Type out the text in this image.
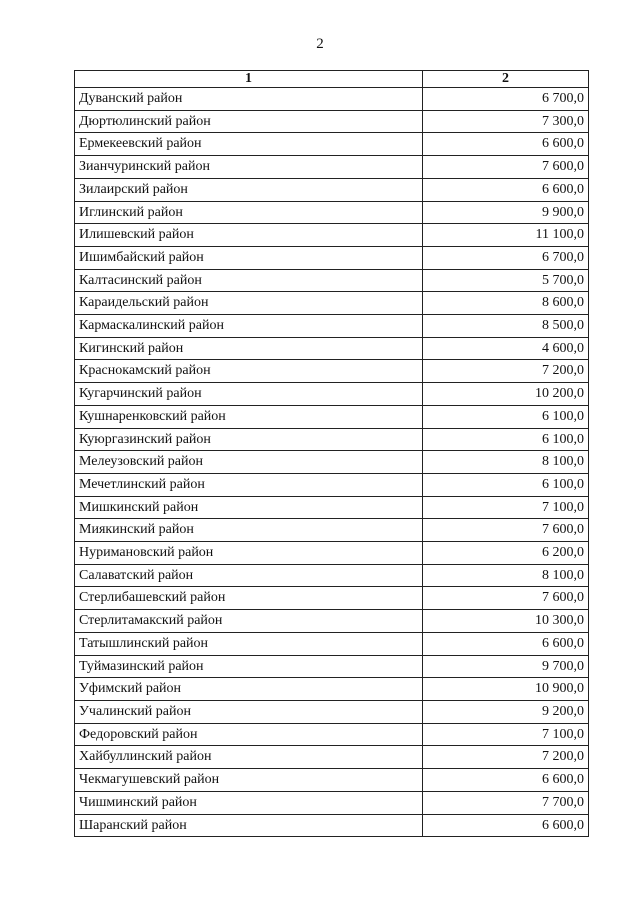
2
1	2
Дуванский район	6 700,0
Дюртюлинский район	7 300,0
Ермекеевский район	6 600,0
Зианчуринский район	7 600,0
Зилаирский район	6 600,0
Иглинский район	9 900,0
Илишевский район	11 100,0
Ишимбайский район	6 700,0
Калтасинский район	5 700,0
Караидельский район	8 600,0
Кармаскалинский район	8 500,0
Кигинский район	4 600,0
Краснокамский район	7 200,0
Кугарчинский район	10 200,0
Кушнаренковский район	6 100,0
Куюргазинский район	6 100,0
Мелеузовский район	8 100,0
Мечетлинский район	6 100,0
Мишкинский район	7 100,0
Миякинский район	7 600,0
Нуримановский район	6 200,0
Салаватский район	8 100,0
Стерлибашевский район	7 600,0
Стерлитамакский район	10 300,0
Татышлинский район	6 600,0
Туймазинский район	9 700,0
Уфимский район	10 900,0
Учалинский район	9 200,0
Федоровский район	7 100,0
Хайбуллинский район	7 200,0
Чекмагушевский район	6 600,0
Чишминский район	7 700,0
Шаранский район	6 600,0
